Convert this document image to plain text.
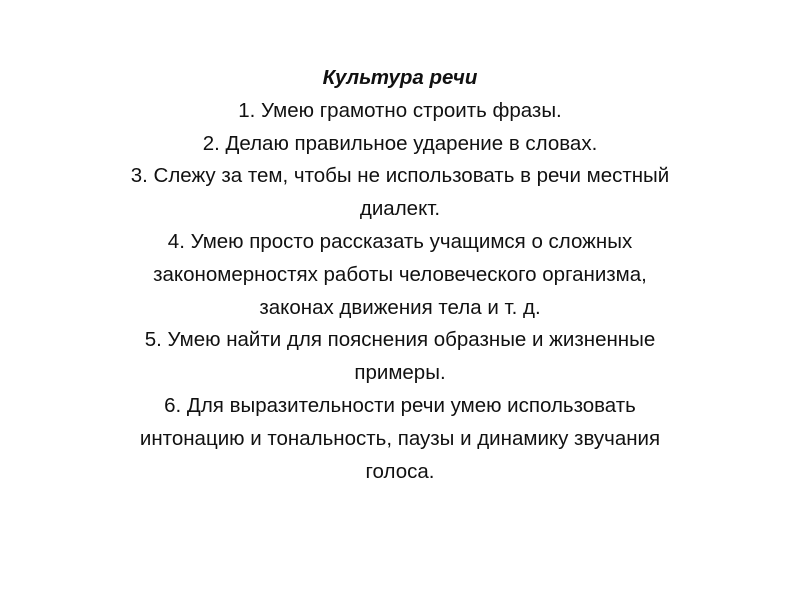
Культура речи
1. Умею грамотно строить фразы.
2. Делаю правильное ударение в словах.
3. Слежу за тем, чтобы не использовать в речи местный
диалект.
4. Умею просто рассказать учащимся о сложных
закономерностях работы человеческого организма,
законах движения тела и т. д.
5. Умею найти для пояснения образные и жизненные
примеры.
6. Для выразительности речи умею использовать
интонацию и тональность, паузы и динамику звучания
голоса.
